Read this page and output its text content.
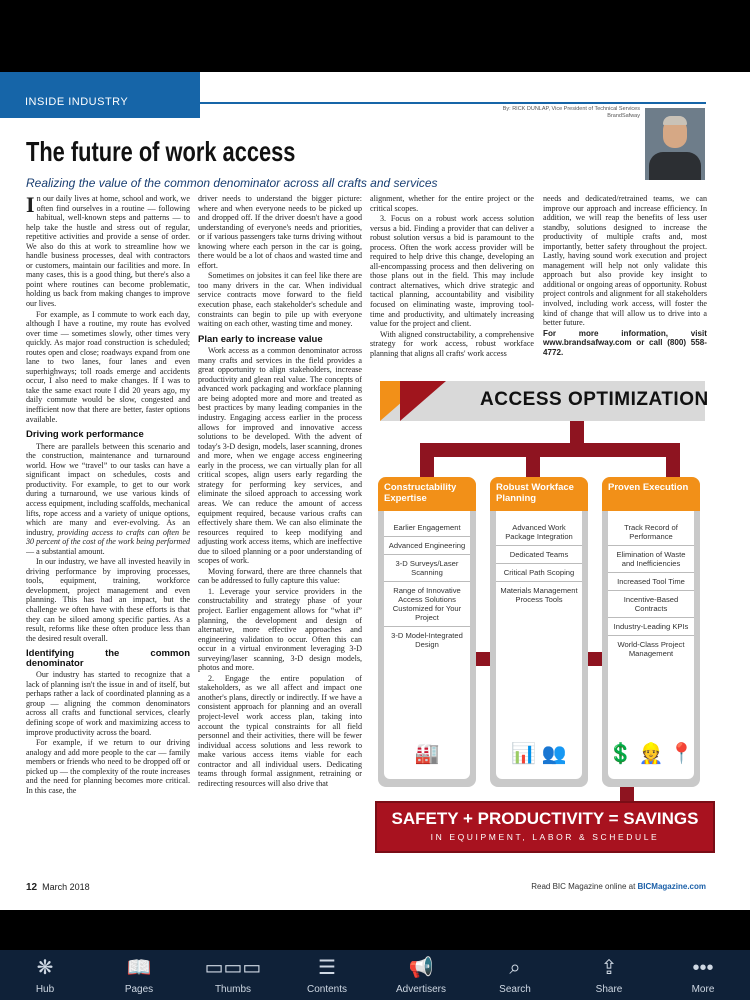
INSIDE INDUSTRY
By: RICK DUNLAP, Vice President of Technical Services
BrandSafway
The future of work access
Realizing the value of the common denominator across all crafts and services

In our daily lives at home, school and work, we often find ourselves in a routine — following habitual, well-known steps and patterns — to help take the hustle and stress out of regular, repetitive activities and provide a sense of order. We also do this at work to streamline how we handle business processes, deal with contractors or customers, maintain our facilities and more. In many cases, this is a good thing, but there's also a point where routines can become problematic, holding us back from making changes to improve our lives.

For example, as I commute to work each day, although I have a routine, my route has evolved over time — sometimes slowly, other times very quickly. As major road construction is scheduled; routes open and close; roadways expand from one lane to two lanes, four lanes and even superhighways; toll roads emerge and accidents occur, I also need to make changes. If I was to take the same exact route I did 20 years ago, my daily commute would be slow, congested and inefficient now that there are better, faster options available.

Driving work performance

There are parallels between this scenario and the construction, maintenance and turnaround world. How we “travel” to our tasks can have a significant impact on schedules, costs and productivity. For example, to get to our work during a turnaround, we use various kinds of access equipment, including scaffolds, mechanical lifts, rope access and a variety of unique options, which are many and ever-evolving. As an industry, providing access to crafts can often be 30 percent of the cost of the work being performed — a substantial amount.

In our industry, we have all invested heavily in driving performance by improving processes, tools, equipment, training, workforce development, project management and even planning. This has had an impact, but the challenge we often have with these efforts is that they can be siloed among specific parties. As a result, reforms like these often produce less than the desired result overall.

Identifying the common denominator

Our industry has started to recognize that a lack of planning isn't the issue in and of itself, but perhaps rather a lack of coordinated planning as a group — aligning the common denominators across all crafts and functional services, clearly defining scope of work and maximizing access to improve productivity across the board.

For example, if we return to our driving analogy and add more people to the car — family members or friends who need to be dropped off or picked up — the complexity of the route increases and the need for planning becomes more critical. In this case, the

driver needs to understand the bigger picture: where and when everyone needs to be picked up and dropped off. If the driver doesn't have a good understanding of everyone's needs and priorities, or if various passengers take turns driving without knowing where each person in the car is going, there would be a lot of chaos and wasted time and effort.

Sometimes on jobsites it can feel like there are too many drivers in the car. When individual service contracts move forward to the field execution phase, each stakeholder's schedule and constraints can begin to pile up with everyone waiting on each other, wasting time and money.

Plan early to increase value

Work access as a common denominator across many crafts and services in the field provides a great opportunity to align stakeholders, increase productivity and glean real value. The concepts of advanced work packaging and workface planning are being adopted more and more and treated as best practices by many leading companies in the industry. Engaging access earlier in the process allows for improved and innovative access solutions to be developed. With the advent of today's 3-D design, models, laser scanning, drones and more, when we engage access engineering early in the process, we can virtually plan for all critical scopes, align users early regarding the strategy for performing key services, and eliminate the siloed approach to accessing work areas. We can reduce the amount of access equipment required, because various crafts can effectively share them. We can also eliminate the resources required to keep modifying and adjusting work access items, which are ineffective due to siloed planning or a poor understanding of scopes of work.

Moving forward, there are three channels that can be addressed to fully capture this value:

1. Leverage your service providers in the constructability and strategy phase of your project. Earlier engagement allows for “what if” planning, the development and design of alternative, more effective approaches and engineering validation to occur. Often this can occur in a virtual environment leveraging 3-D surveying/laser scanning, 3-D design models, photos and more.

2. Engage the entire population of stakeholders, as we all affect and impact one another's plans, directly or indirectly. If we have a consistent approach for planning and an overall project-level work access plan, taking into account the typical constraints for all field personnel and their activities, there will be fewer individual access solutions and less rework to make various access items viable for each contractor and all individual users. Dedicating teams through formal assignment, retraining or redirecting resources will also drive that

alignment, whether for the entire project or the critical scopes.

3. Focus on a robust work access solution versus a bid. Finding a provider that can deliver a robust solution versus a bid is paramount to the process. Often the work access provider will be required to help drive this change, developing an all-encompassing process and then delivering on those plans out in the field. This may include contract alternatives, which drive strategic and tactical planning, accountability and visibility focused on eliminating waste, improving tool-time and productivity, and ultimately increasing value for the project and client.

With aligned constructability, a comprehensive strategy for work access, robust workface planning that aligns all crafts' work access

needs and dedicated/retrained teams, we can improve our approach and increase efficiency. In addition, we will reap the benefits of less user standby, solutions designed to increase the productivity of multiple crafts and, most importantly, better safety throughout the project. Lastly, having sound work execution and project management will help not only validate this approach but also provide key insight to additional or ongoing areas of opportunity. Robust project controls and alignment for all stakeholders involved, including work access, will foster the kind of change that will allow us to drive into a better future.

For more information, visit www.brandsafway.com or call (800) 558-4772.

ACCESS OPTIMIZATION
Constructability Expertise
Earlier Engagement
Advanced Engineering
3-D Surveys/Laser Scanning
Range of Innovative Access Solutions Customized for Your Project
3-D Model-Integrated Design
🏭
Robust Workface Planning
Advanced Work Package Integration
Dedicated Teams
Critical Path Scoping
Materials Management Process Tools
📊 👥
Proven Execution
Track Record of Performance
Elimination of Waste and Inefficiencies
Increased Tool Time
Incentive-Based Contracts
Industry-Leading KPIs
World-Class Project Management
💲 👷 📍
SAFETY + PRODUCTIVITY = SAVINGS
IN EQUIPMENT, LABOR & SCHEDULE
12 March 2018	Read BIC Magazine online at BICMagazine.com
❋
Hub
📖
Pages
▭▭▭
Thumbs
☰
Contents
📢
Advertisers
⌕
Search
⇪
Share
•••
More
